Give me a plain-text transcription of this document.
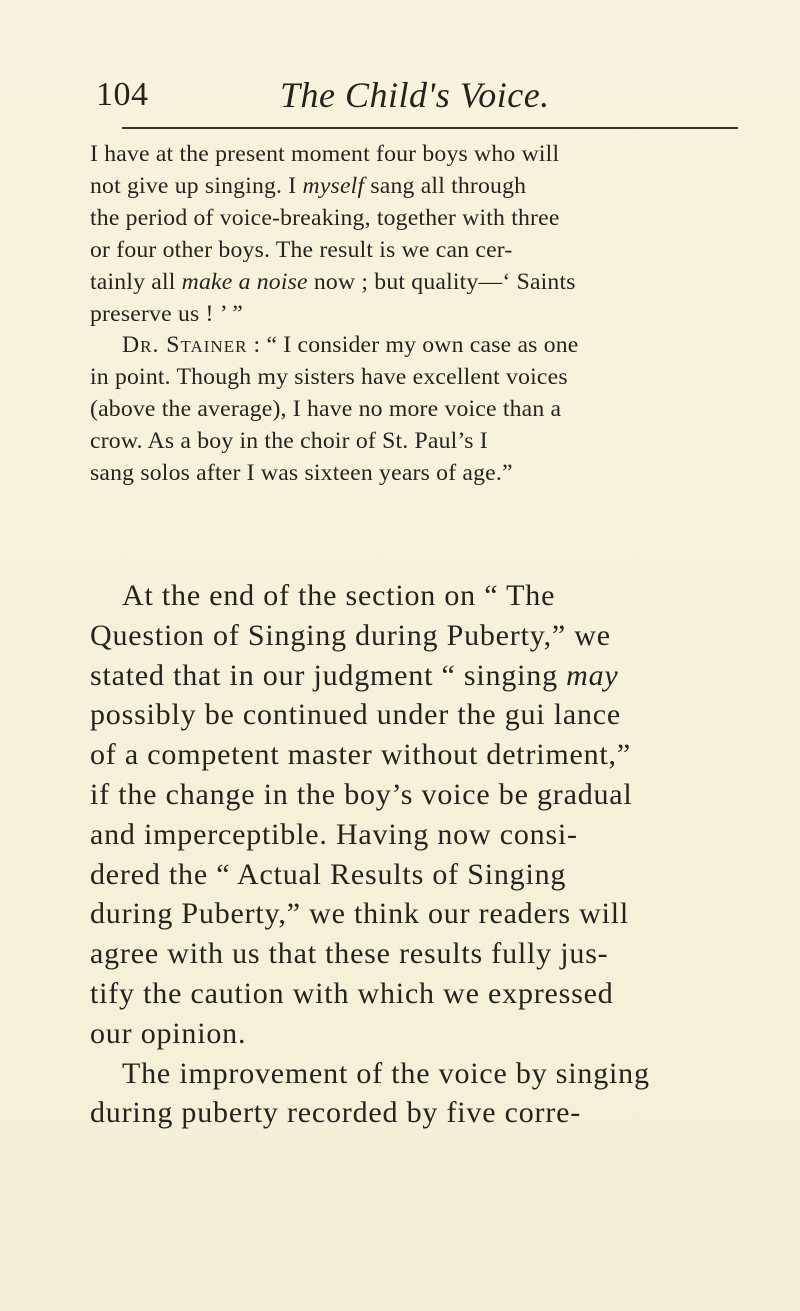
104	The Child's Voice.

I have at the present moment four boys who will

not give up singing. I myself sang all through

the period of voice-breaking, together with three

or four other boys. The result is we can cer-

tainly all make a noise now ; but quality—‘ Saints

preserve us ! ’ ”

Dr. Stainer : “ I consider my own case as one

in point. Though my sisters have excellent voices

(above the average), I have no more voice than a

crow. As a boy in the choir of St. Paul’s I

sang solos after I was sixteen years of age.”

At the end of the section on “ The

Question of Singing during Puberty,” we

stated that in our judgment “ singing may

possibly be continued under the gui lance

of a competent master without detriment,”

if the change in the boy’s voice be gradual

and imperceptible. Having now consi-

dered the “ Actual Results of Singing

during Puberty,” we think our readers will

agree with us that these results fully jus-

tify the caution with which we expressed

our opinion.

The improvement of the voice by singing

during puberty recorded by five corre-
